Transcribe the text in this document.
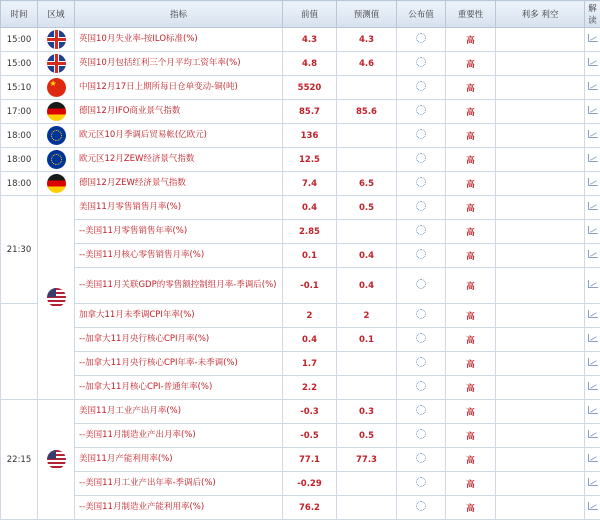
时间	区域	指标	前值	预测值	公布值	重要性	利多 利空	解读
15:00		英国10月失业率-按ILO标准(%)	4.3	4.3		高		
15:00		英国10月包括红利三个月平均工资年率(%)	4.8	4.6		高		
15:10	★	中国12月17日上期所每日仓单变动-铜(吨)	5520			高		
17:00		德国12月IFO商业景气指数	85.7	85.6		高		
18:00		欧元区10月季调后贸易帐(亿欧元)	136			高		
18:00		欧元区12月ZEW经济景气指数	12.5			高		
18:00		德国12月ZEW经济景气指数	7.4	6.5		高		
21:30		美国11月零售销售月率(%)	0.4	0.5		高		
		--美国11月零售销售年率(%)	2.85			高		
		--美国11月核心零售销售月率(%)	0.1	0.4		高		
		--美国11月关联GDP的零售额控制组月率-季调后(%)	-0.1	0.4		高		
		加拿大11月未季调CPI年率(%)	2	2		高		
		--加拿大11月央行核心CPI月率(%)	0.4	0.1		高		
		--加拿大11月央行核心CPI年率-未季调(%)	1.7			高		
		--加拿大11月核心CPI-普通年率(%)	2.2			高		
22:15		美国11月工业产出月率(%)	-0.3	0.3		高		
		--美国11月制造业产出月率(%)	-0.5	0.5		高		
		美国11月产能利用率(%)	77.1	77.3		高		
		--美国11月工业产出年率-季调后(%)	-0.29			高		
		--美国11月制造业产能利用率(%)	76.2			高		
